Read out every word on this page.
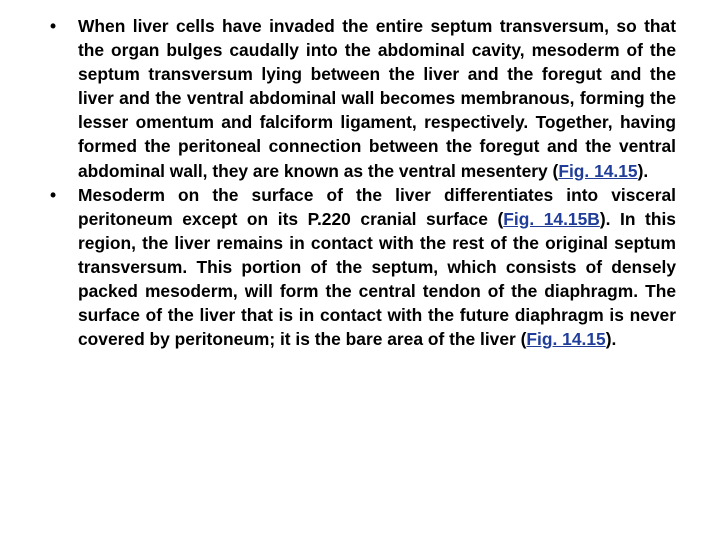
• When liver cells have invaded the entire septum transversum, so that the organ bulges caudally into the abdominal cavity, mesoderm of the septum transversum lying between the liver and the foregut and the liver and the ventral abdominal wall becomes membranous, forming the lesser omentum and falciform ligament, respectively. Together, having formed the peritoneal connection between the foregut and the ventral abdominal wall, they are known as the ventral mesentery (Fig. 14.15).
• Mesoderm on the surface of the liver differentiates into visceral peritoneum except on its P.220 cranial surface (Fig. 14.15B). In this region, the liver remains in contact with the rest of the original septum transversum. This portion of the septum, which consists of densely packed mesoderm, will form the central tendon of the diaphragm. The surface of the liver that is in contact with the future diaphragm is never covered by peritoneum; it is the bare area of the liver (Fig. 14.15).
